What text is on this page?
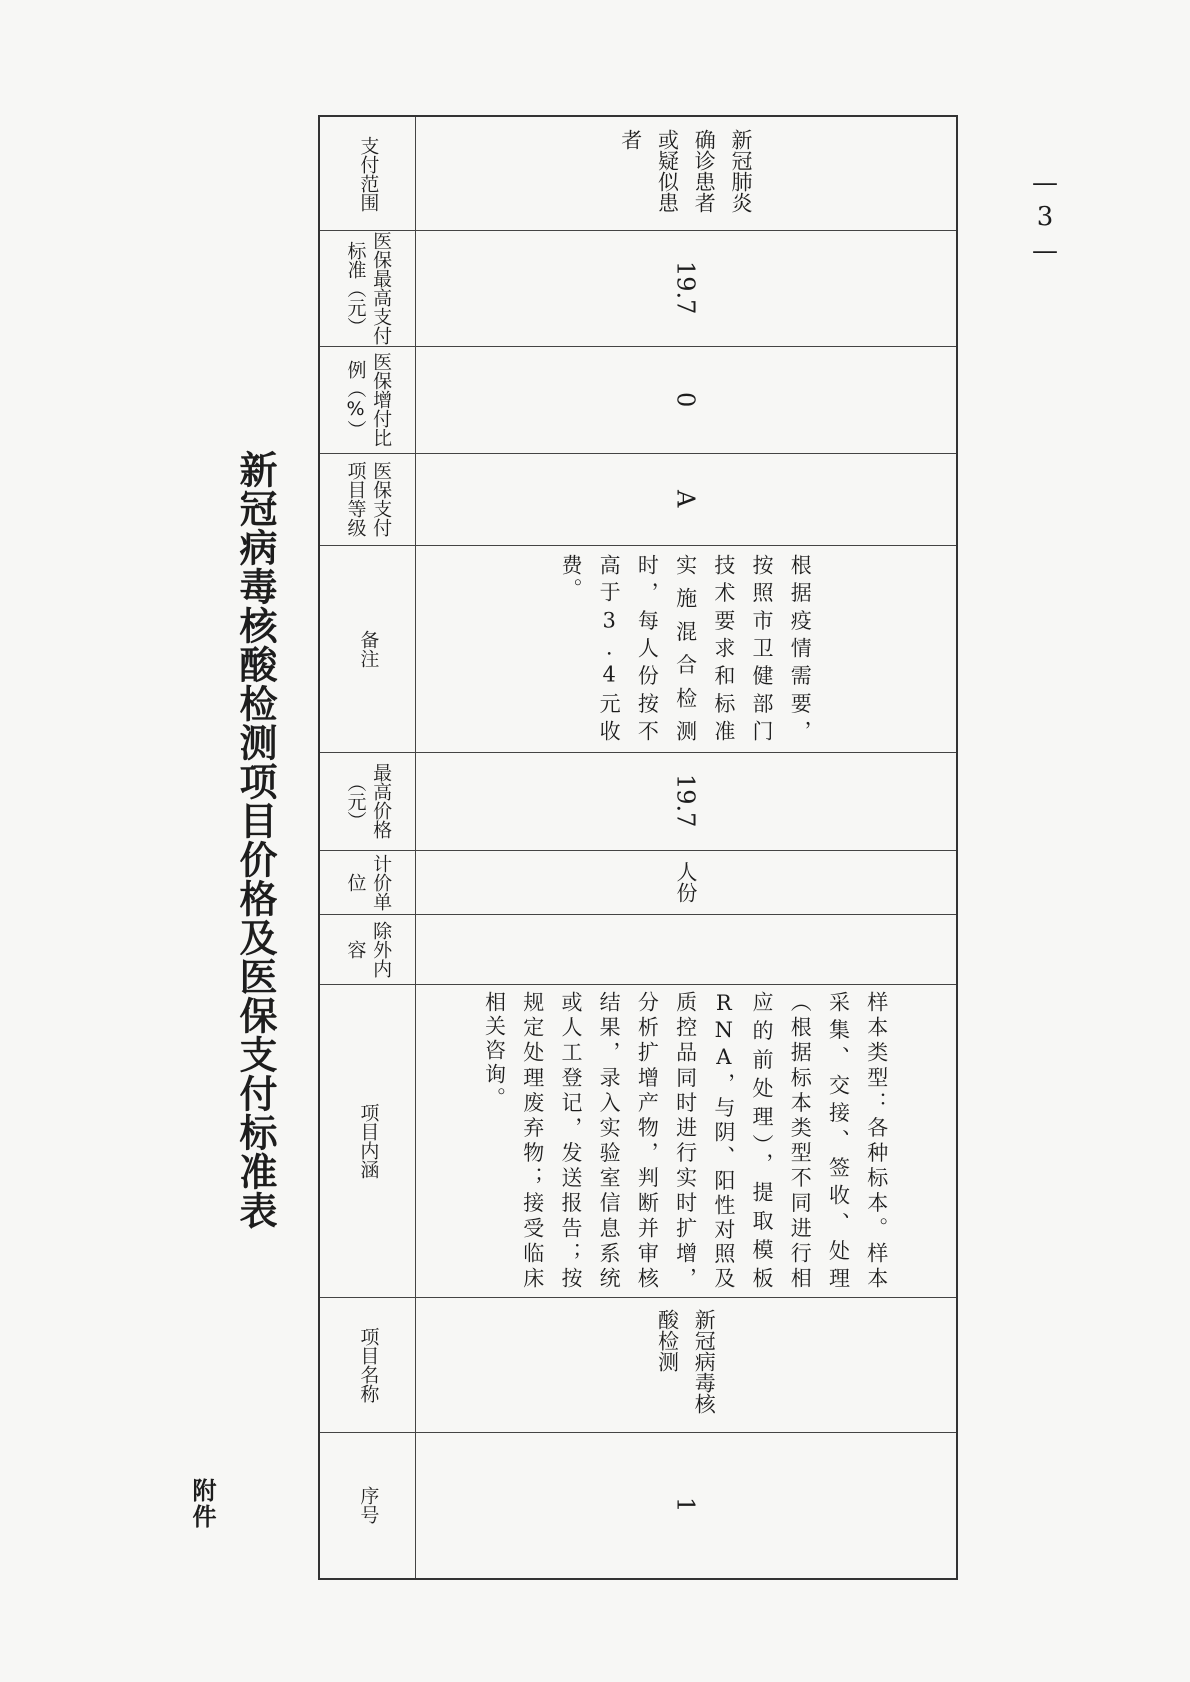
附件
新冠病毒核酸检测项目价格及医保支付标准表
—3—
支付范围
医保最高支付标准（元）
医保增付比例（%）
医保支付项目等级
备注
最高价格（元）
计价单位
除外内容
项目内涵
项目名称
序号
新冠肺炎确诊患者或疑似患者
19.7
0
A
根据疫情需要，按照市卫健部门技术要求和标准实施混合检测时，每人份按不高于3.4元收费。
19.7
人份
样本类型：各种标本。样本采集、交接、签收、处理（根据标本类型不同进行相应的前处理），提取模板RNA，与阴、阳性对照及质控品同时进行实时扩增，分析扩增产物，判断并审核结果，录入实验室信息系统或人工登记，发送报告；按规定处理废弃物；接受临床相关咨询。
新冠病毒核酸检测
1
